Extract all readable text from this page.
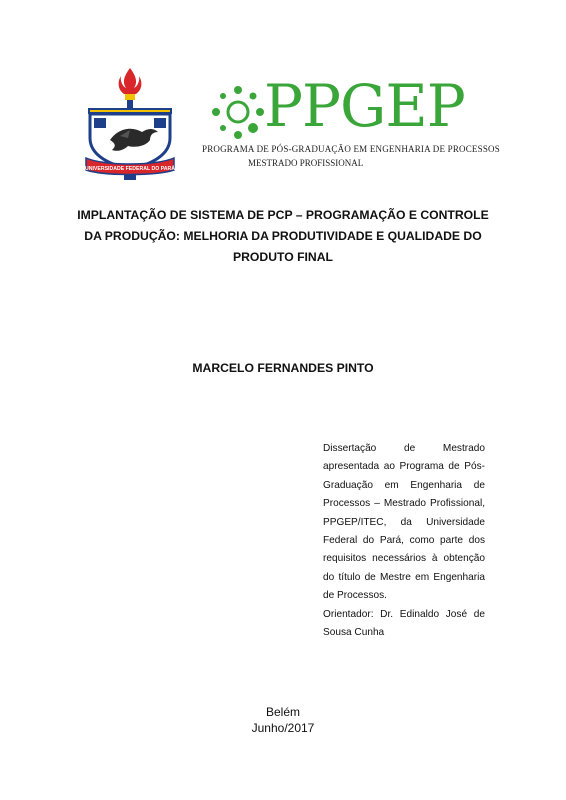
UNIVERSIDADE FEDERAL DO PARÁ
PPGEP
PROGRAMA DE PÓS-GRADUAÇÃO EM ENGENHARIA DE PROCESSOS
MESTRADO PROFISSIONAL
IMPLANTAÇÃO DE SISTEMA DE PCP – PROGRAMAÇÃO E CONTROLE
DA PRODUÇÃO: MELHORIA DA PRODUTIVIDADE E QUALIDADE DO
PRODUTO FINAL
MARCELO FERNANDES PINTO

Dissertação de Mestrado apresentada ao Programa de Pós-Graduação em Engenharia de Processos – Mestrado Profissional, PPGEP/ITEC, da Universidade Federal do Pará, como parte dos requisitos necessários à obtenção do título de Mestre em Engenharia de Processos.

Orientador: Dr. Edinaldo José de Sousa Cunha

Belém
Junho/2017
